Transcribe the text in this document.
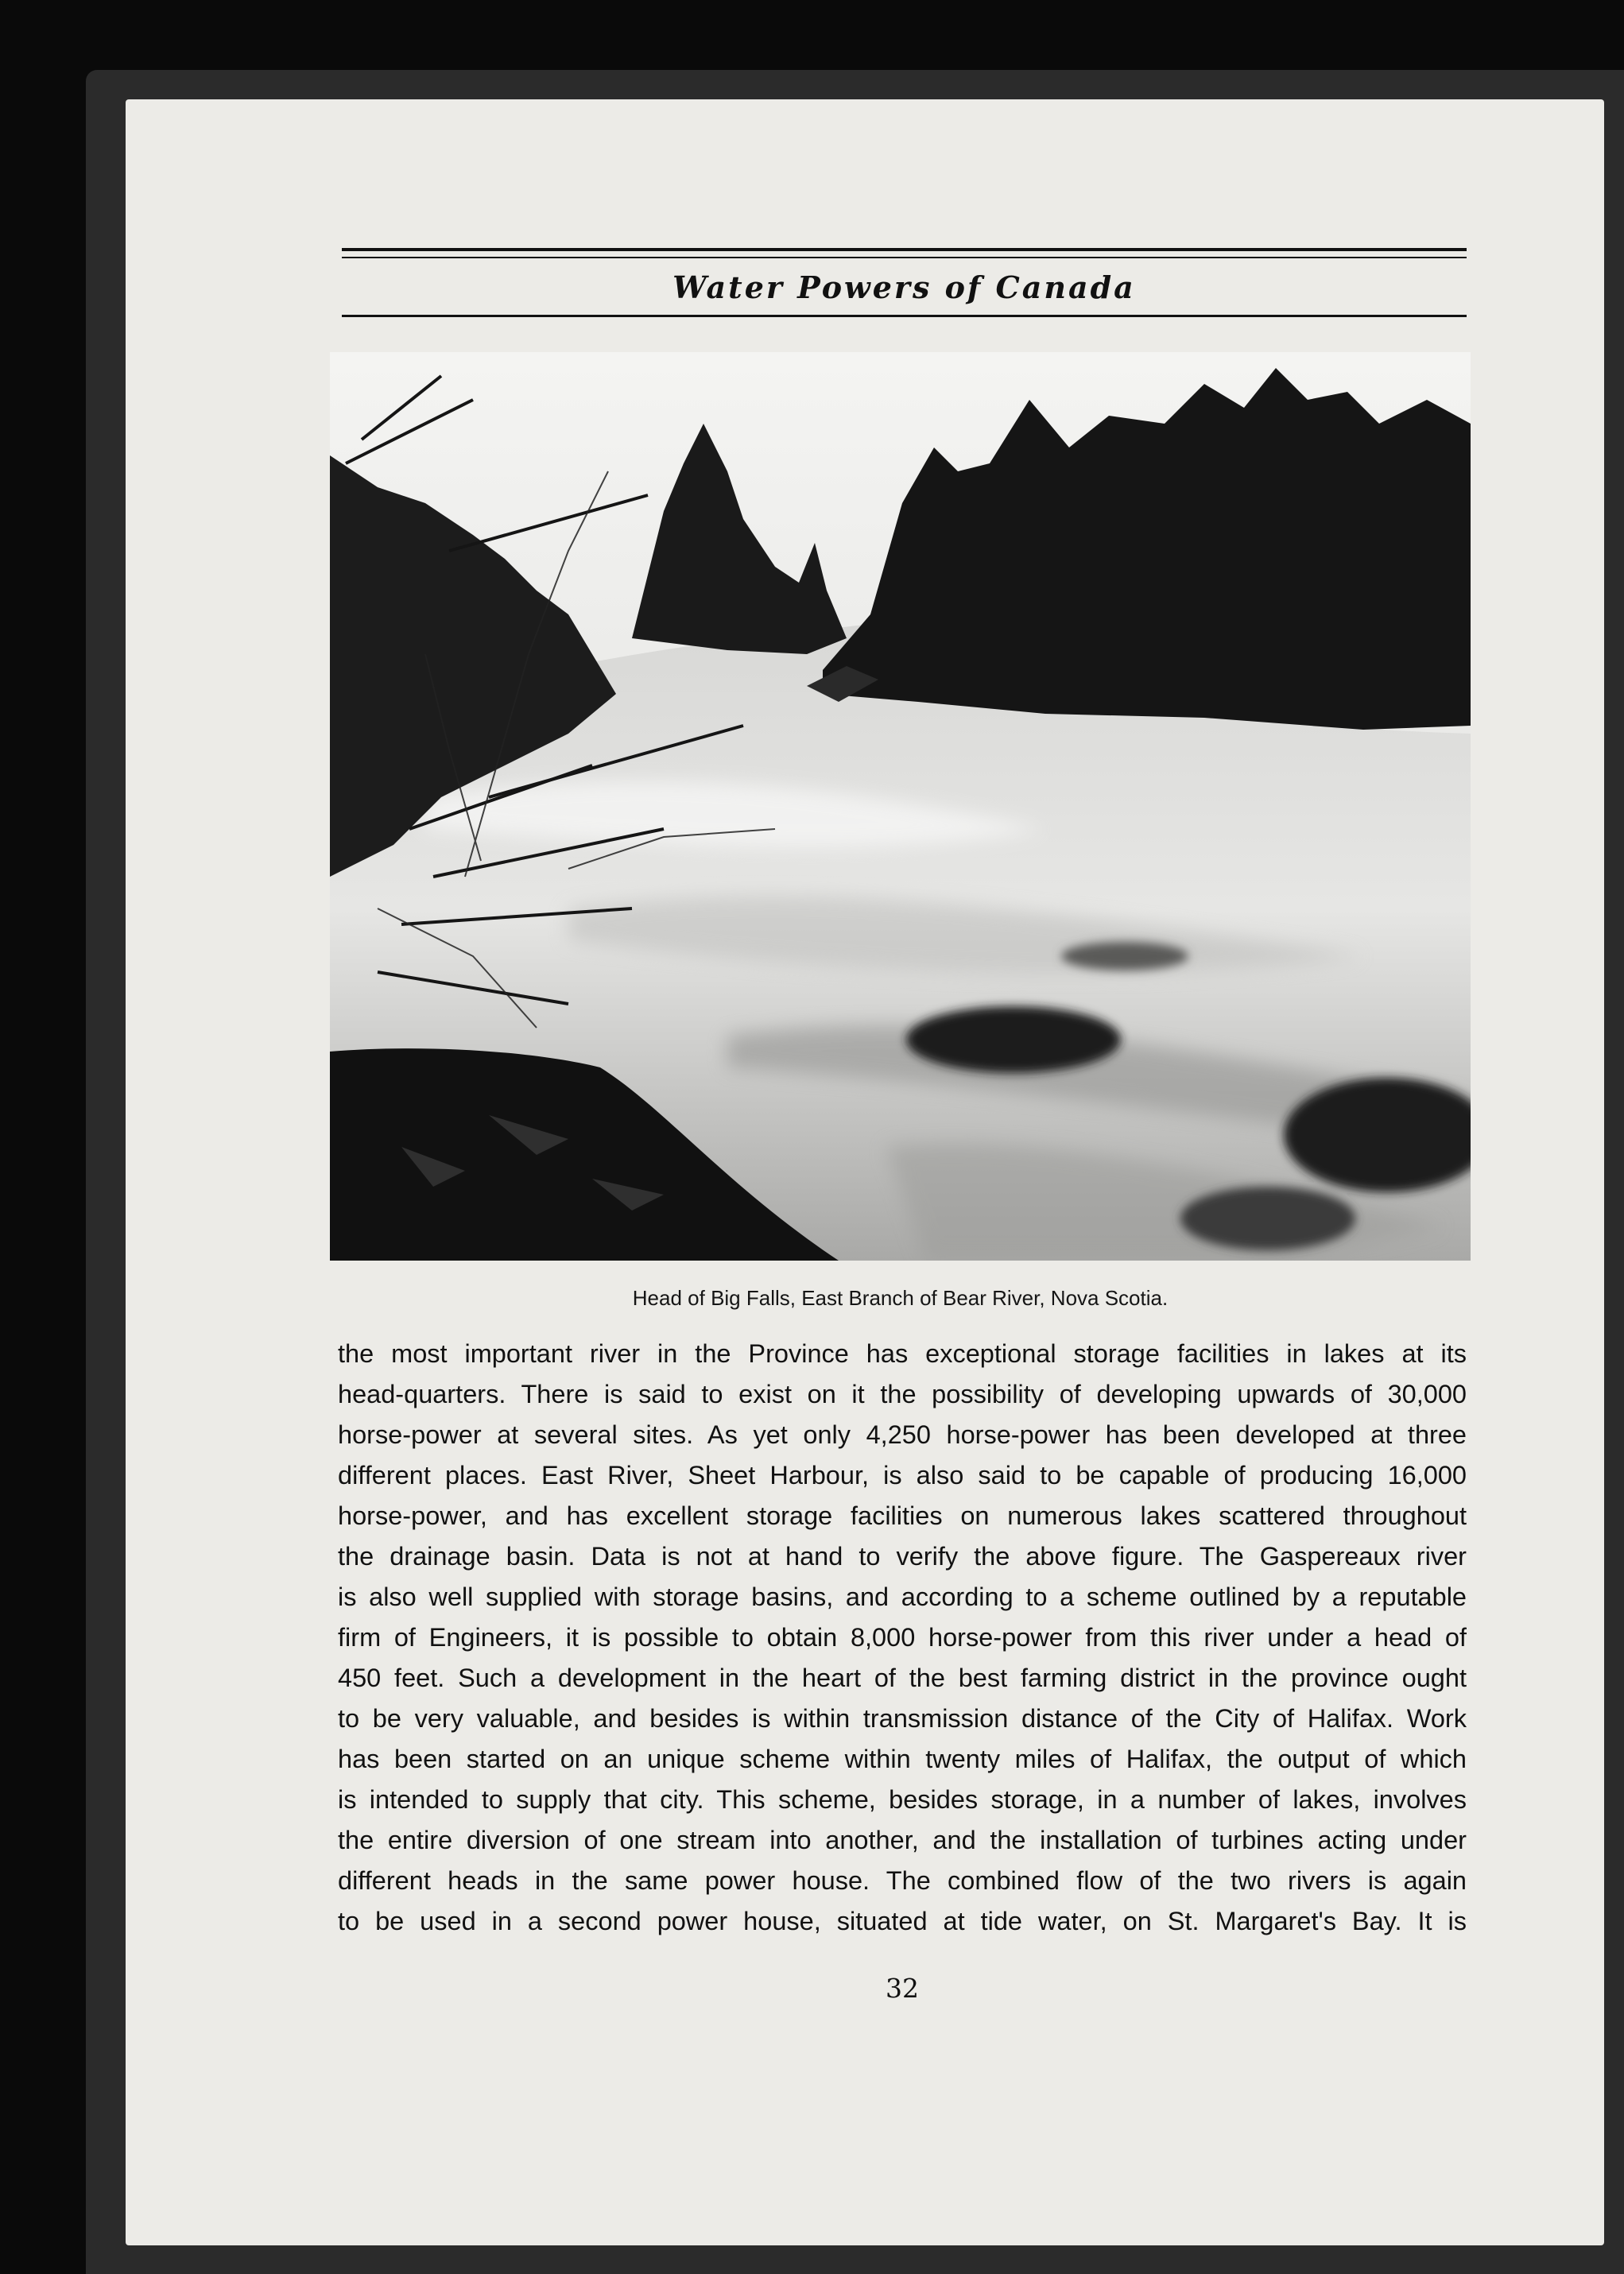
Water Powers of Canada

Head of Big Falls, East Branch of Bear River, Nova Scotia.

the most important river in the Province has exceptional storage facilities in lakes at its
head-quarters. There is said to exist on it the possibility of developing upwards of 30,000
horse-power at several sites. As yet only 4,250 horse-power has been developed at three
different places. East River, Sheet Harbour, is also said to be capable of producing 16,000
horse-power, and has excellent storage facilities on numerous lakes scattered throughout
the drainage basin. Data is not at hand to verify the above figure. The Gaspereaux river
is also well supplied with storage basins, and according to a scheme outlined by a reputable
firm of Engineers, it is possible to obtain 8,000 horse-power from this river under a head of
450 feet. Such a development in the heart of the best farming district in the province ought
to be very valuable, and besides is within transmission distance of the City of Halifax. Work
has been started on an unique scheme within twenty miles of Halifax, the output of which
is intended to supply that city. This scheme, besides storage, in a number of lakes, involves
the entire diversion of one stream into another, and the installation of turbines acting under
different heads in the same power house. The combined flow of the two rivers is again
to be used in a second power house, situated at tide water, on St. Margaret's Bay. It is

32
